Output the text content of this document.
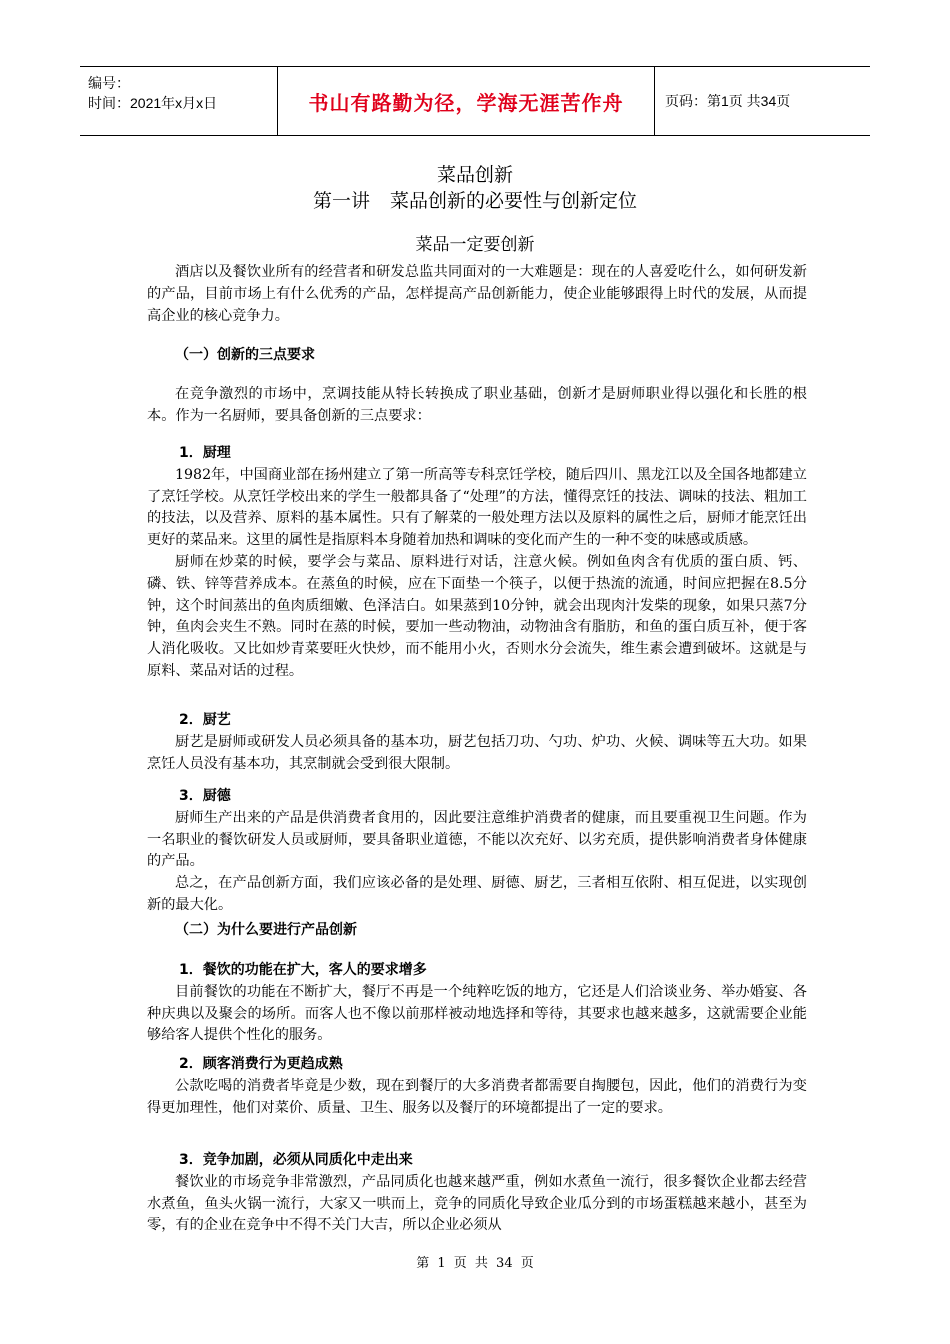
编号：
时间：2021年x月x日	书山有路勤为径，学海无涯苦作舟	页码：第1页 共34页
菜品创新
第一讲 菜品创新的必要性与创新定位
菜品一定要创新

酒店以及餐饮业所有的经营者和研发总监共同面对的一大难题是：现在的人喜爱吃什么，如何研发新的产品，目前市场上有什么优秀的产品，怎样提高产品创新能力，使企业能够跟得上时代的发展，从而提高企业的核心竞争力。

（一）创新的三点要求

在竞争激烈的市场中，烹调技能从特长转换成了职业基础，创新才是厨师职业得以强化和长胜的根本。作为一名厨师，要具备创新的三点要求：

1．厨理

1982年，中国商业部在扬州建立了第一所高等专科烹饪学校，随后四川、黑龙江以及全国各地都建立了烹饪学校。从烹饪学校出来的学生一般都具备了“处理”的方法，懂得烹饪的技法、调味的技法、粗加工的技法，以及营养、原料的基本属性。只有了解菜的一般处理方法以及原料的属性之后，厨师才能烹饪出更好的菜品来。这里的属性是指原料本身随着加热和调味的变化而产生的一种不变的味感或质感。

厨师在炒菜的时候，要学会与菜品、原料进行对话，注意火候。例如鱼肉含有优质的蛋白质、钙、磷、铁、锌等营养成本。在蒸鱼的时候，应在下面垫一个筷子，以便于热流的流通，时间应把握在8.5分钟，这个时间蒸出的鱼肉质细嫩、色泽洁白。如果蒸到10分钟，就会出现肉汁发柴的现象，如果只蒸7分钟，鱼肉会夹生不熟。同时在蒸的时候，要加一些动物油，动物油含有脂肪，和鱼的蛋白质互补，便于客人消化吸收。又比如炒青菜要旺火快炒，而不能用小火，否则水分会流失，维生素会遭到破坏。这就是与原料、菜品对话的过程。

2．厨艺

厨艺是厨师或研发人员必须具备的基本功，厨艺包括刀功、勺功、炉功、火候、调味等五大功。如果烹饪人员没有基本功，其烹制就会受到很大限制。

3．厨德

厨师生产出来的产品是供消费者食用的，因此要注意维护消费者的健康，而且要重视卫生问题。作为一名职业的餐饮研发人员或厨师，要具备职业道德，不能以次充好、以劣充质，提供影响消费者身体健康的产品。

总之，在产品创新方面，我们应该必备的是处理、厨德、厨艺，三者相互依附、相互促进，以实现创新的最大化。

（二）为什么要进行产品创新

1．餐饮的功能在扩大，客人的要求增多

目前餐饮的功能在不断扩大，餐厅不再是一个纯粹吃饭的地方，它还是人们洽谈业务、举办婚宴、各种庆典以及聚会的场所。而客人也不像以前那样被动地选择和等待，其要求也越来越多，这就需要企业能够给客人提供个性化的服务。

2．顾客消费行为更趋成熟

公款吃喝的消费者毕竟是少数，现在到餐厅的大多消费者都需要自掏腰包，因此，他们的消费行为变得更加理性，他们对菜价、质量、卫生、服务以及餐厅的环境都提出了一定的要求。

3．竞争加剧，必须从同质化中走出来

餐饮业的市场竞争非常激烈，产品同质化也越来越严重，例如水煮鱼一流行，很多餐饮企业都去经营水煮鱼，鱼头火锅一流行，大家又一哄而上，竞争的同质化导致企业瓜分到的市场蛋糕越来越小，甚至为零，有的企业在竞争中不得不关门大吉，所以企业必须从

第 1 页 共 34 页
